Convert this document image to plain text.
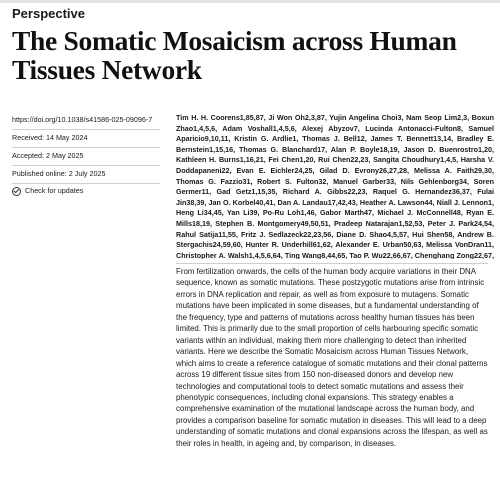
Perspective
The Somatic Mosaicism across Human Tissues Network
https://doi.org/10.1038/s41586-025-09096-7
Received: 14 May 2024
Accepted: 2 May 2025
Published online: 2 July 2025
Check for updates

Tim H. H. Coorens1,85,87, Ji Won Oh2,3,87, Yujin Angelina Choi3, Nam Seop Lim2,3, Boxun Zhao1,4,5,6, Adam Voshall1,4,5,6, Alexej Abyzov7, Lucinda Antonacci-Fulton8, Samuel Aparicio9,10,11, Kristin G. Ardlie1, Thomas J. Bell12, James T. Bennett13,14, Bradley E. Bernstein1,15,16, Thomas G. Blanchard17, Alan P. Boyle18,19, Jason D. Buenrostro1,20, Kathleen H. Burns1,16,21, Fei Chen1,20, Rui Chen22,23, Sangita Choudhury1,4,5, Harsha V. Doddapaneni22, Evan E. Eichler24,25, Gilad D. Evrony26,27,28, Melissa A. Faith29,30, Thomas G. Fazzio31, Robert S. Fulton32, Manuel Garber33, Nils Gehlenborg34, Soren Germer11, Gad Getz1,15,35, Richard A. Gibbs22,23, Raquel G. Hernandez36,37, Fulai Jin38,39, Jan O. Korbel40,41, Dan A. Landau17,42,43, Heather A. Lawson44, Niall J. Lennon1, Heng Li34,45, Yan Li39, Po-Ru Loh1,46, Gabor Marth47, Michael J. McConnell48, Ryan E. Mills18,19, Stephen B. Montgomery49,50,51, Pradeep Natarajan1,52,53, Peter J. Park24,54, Rahul Satija11,55, Fritz J. Sedlazeck22,23,56, Diane D. Shao4,5,57, Hui Shen58, Andrew B. Stergachis24,59,60, Hunter R. Underhill61,62, Alexander E. Urban50,63, Melissa VonDran11, Christopher A. Walsh1,4,5,6,64, Ting Wang8,44,65, Tao P. Wu22,66,67, Chenghang Zong22,67,

From fertilization onwards, the cells of the human body acquire variations in their DNA sequence, known as somatic mutations. These postzygotic mutations arise from intrinsic errors in DNA replication and repair, as well as from exposure to mutagens. Somatic mutations have been implicated in some diseases, but a fundamental understanding of the frequency, type and patterns of mutations across healthy human tissues has been limited. This is primarily due to the small proportion of cells harbouring specific somatic variants within an individual, making them more challenging to detect than inherited variants. Here we describe the Somatic Mosaicism across Human Tissues Network, which aims to create a reference catalogue of somatic mutations and their clonal patterns across 19 different tissue sites from 150 non-diseased donors and develop new technologies and computational tools to detect somatic mutations and assess their phenotypic consequences, including clonal expansions. This strategy enables a comprehensive examination of the mutational landscape across the human body, and provides a comparison baseline for somatic mutation in diseases. This will lead to a deep understanding of somatic mutations and clonal expansions across the lifespan, as well as their roles in health, in ageing and, by comparison, in diseases.
